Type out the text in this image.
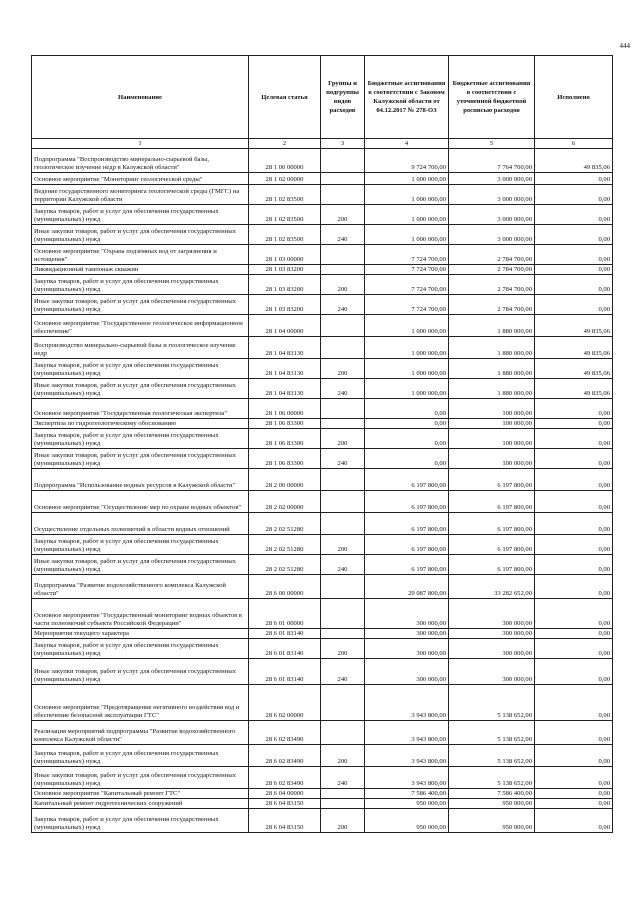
444
Наименование	Целевая статья	Группы и подгруппы видов расходов	Бюджетные ассигнования в соответствии с Законом Калужской области от 04.12.2017 № 278-ОЗ	Бюджетные ассигнования в соответствии с уточненной бюджетной росписью расходов	Исполнено
1	2	3	4	5	6
Подпрограмма "Воспроизводство минерально-сырьевой базы, геологическое изучение недр в Калужской области"	28 1 00 00000		9 724 700,00	7 764 700,00	49 835,06
Основное мероприятие "Мониторинг геологической среды"	28 1 02 00000		1 000 000,00	3 000 000,00	0,00
Ведение государственного мониторинга геологической среды (ГМГС) на территории Калужской области	28 1 02 83500		1 000 000,00	3 000 000,00	0,00
Закупка товаров, работ и услуг для обеспечения государственных (муниципальных) нужд	28 1 02 83500	200	1 000 000,00	3 000 000,00	0,00
Иные закупки товаров, работ и услуг для обеспечения государственных (муниципальных) нужд	28 1 02 83500	240	1 000 000,00	3 000 000,00	0,00
Основное мероприятие "Охрана подземных вод от загрязнения и истощения"	28 1 03 00000		7 724 700,00	2 784 700,00	0,00
Ликвидационный тампонаж скважин	28 1 03 83200		7 724 700,00	2 784 700,00	0,00
Закупка товаров, работ и услуг для обеспечения государственных (муниципальных) нужд	28 1 03 83200	200	7 724 700,00	2 784 700,00	0,00
Иные закупки товаров, работ и услуг для обеспечения государственных (муниципальных) нужд	28 1 03 83200	240	7 724 700,00	2 784 700,00	0,00
Основное мероприятие "Государственное геологическое информационное обеспечение"	28 1 04 00000		1 000 000,00	1 880 000,00	49 835,06
Воспроизводство минерально-сырьевой базы и геологическое изучение недр	28 1 04 83130		1 000 000,00	1 880 000,00	49 835,06
Закупка товаров, работ и услуг для обеспечения государственных (муниципальных) нужд	28 1 04 83130	200	1 000 000,00	1 880 000,00	49 835,06
Иные закупки товаров, работ и услуг для обеспечения государственных (муниципальных) нужд	28 1 04 83130	240	1 000 000,00	1 880 000,00	49 835,06
Основное мероприятие "Государственная геологическая экспертиза"	28 1 06 00000		0,00	100 000,00	0,00
Экспертиза по гидрогеологическому обоснованию	28 1 06 83300		0,00	100 000,00	0,00
Закупка товаров, работ и услуг для обеспечения государственных (муниципальных) нужд	28 1 06 83300	200	0,00	100 000,00	0,00
Иные закупки товаров, работ и услуг для обеспечения государственных (муниципальных) нужд	28 1 06 83300	240	0,00	100 000,00	0,00
Подпрограмма "Использование водных ресурсов в Калужской области"	28 2 00 00000		6 197 800,00	6 197 800,00	0,00
Основное мероприятие "Осуществление мер по охране водных объектов"	28 2 02 00000		6 197 800,00	6 197 800,00	0,00
Осуществление отдельных полномочий в области водных отношений	28 2 02 51280		6 197 800,00	6 197 800,00	0,00
Закупка товаров, работ и услуг для обеспечения государственных (муниципальных) нужд	28 2 02 51280	200	6 197 800,00	6 197 800,00	0,00
Иные закупки товаров, работ и услуг для обеспечения государственных (муниципальных) нужд	28 2 02 51280	240	6 197 800,00	6 197 800,00	0,00
Подпрограмма "Развитие водохозяйственного комплекса Калужской области"	28 6 00 00000		29 087 800,00	33 282 652,00	0,00
Основное мероприятие "Государственный мониторинг водных объектов в части полномочий субъекта Российской Федерации"	28 6 01 00000		300 000,00	300 000,00	0,00
Мероприятия текущего характера	28 6 01 83140		300 000,00	300 000,00	0,00
Закупка товаров, работ и услуг для обеспечения государственных (муниципальных) нужд	28 6 01 83140	200	300 000,00	300 000,00	0,00
Иные закупки товаров, работ и услуг для обеспечения государственных (муниципальных) нужд	28 6 01 83140	240	300 000,00	300 000,00	0,00
Основное мероприятие "Предотвращение негативного воздействия вод и обеспечение безопасной эксплуатации ГТС"	28 6 02 00000		3 943 800,00	5 138 652,00	0,00
Реализация мероприятий подпрограммы "Развитие водохозяйственного комплекса Калужской области"	28 6 02 83490		3 943 800,00	5 138 652,00	0,00
Закупка товаров, работ и услуг для обеспечения государственных (муниципальных) нужд	28 6 02 83490	200	3 943 800,00	5 138 652,00	0,00
Иные закупки товаров, работ и услуг для обеспечения государственных (муниципальных) нужд	28 6 02 83490	240	3 943 800,00	5 138 652,00	0,00
Основное мероприятие "Капитальный ремонт ГТС"	28 6 04 00000		7 586 400,00	7 586 400,00	0,00
Капитальный ремонт гидротехнических сооружений	28 6 04 83150		950 000,00	950 000,00	0,00
Закупка товаров, работ и услуг для обеспечения государственных (муниципальных) нужд	28 6 04 83150	200	950 000,00	950 000,00	0,00
